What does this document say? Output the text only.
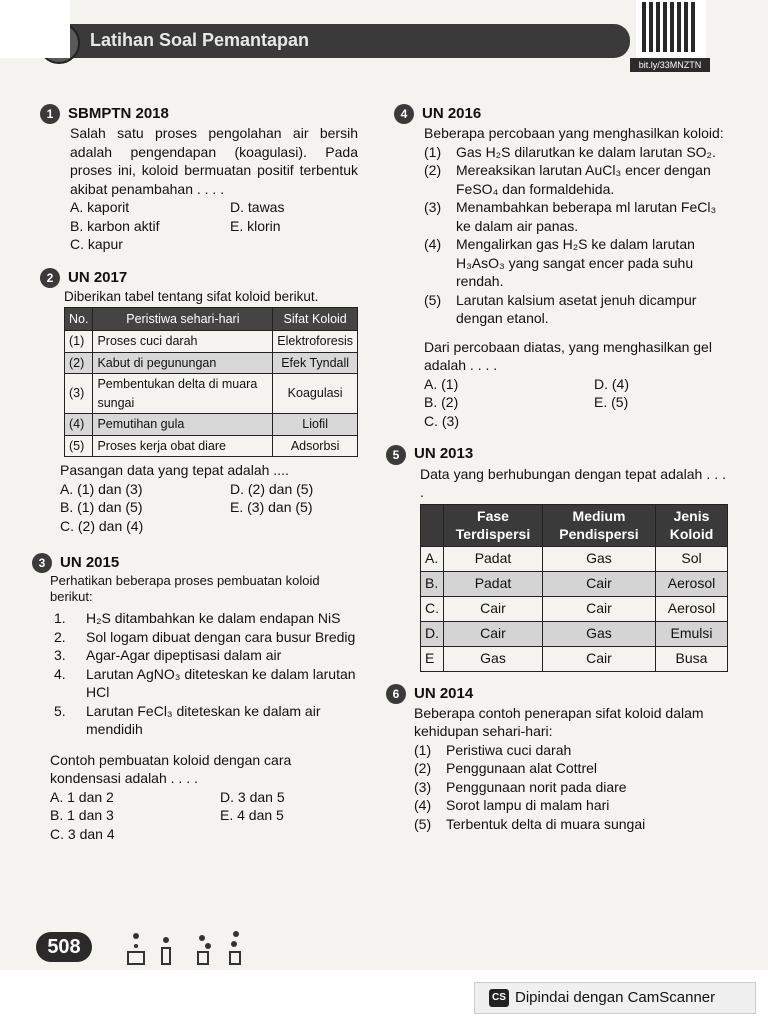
Latihan Soal Pemantapan
bit.ly/33MNZTN
1 SBMPTN 2018
Salah satu proses pengolahan air bersih adalah pengendapan (koagulasi). Pada proses ini, koloid bermuatan positif terbentuk akibat penambahan . . . .
A. kaporit	D. tawas
B. karbon aktif	E. klorin
C. kapur
2 UN 2017
Diberikan tabel tentang sifat koloid berikut.
No.	Peristiwa sehari-hari	Sifat Koloid
(1)	Proses cuci darah	Elektroforesis
(2)	Kabut di pegunungan	Efek Tyndall
(3)	Pembentukan delta di muara sungai	Koagulasi
(4)	Pemutihan gula	Liofil
(5)	Proses kerja obat diare	Adsorbsi
Pasangan data yang tepat adalah ....
A. (1) dan (3)	D. (2) dan (5)
B. (1) dan (5)	E. (3) dan (5)
C. (2) dan (4)
3 UN 2015
Perhatikan beberapa proses pembuatan koloid berikut:
1.	H₂S ditambahkan ke dalam endapan NiS
2.	Sol logam dibuat dengan cara busur Bredig
3.	Agar-Agar dipeptisasi dalam air
4.	Larutan AgNO₃ diteteskan ke dalam larutan HCl
5.	Larutan FeCl₃ diteteskan ke dalam air mendidih
Contoh pembuatan koloid dengan cara kondensasi adalah . . . .
A. 1 dan 2	D. 3 dan 5
B. 1 dan 3	E. 4 dan 5
C. 3 dan 4
4 UN 2016
Beberapa percobaan yang menghasilkan koloid:
(1)	Gas H₂S dilarutkan ke dalam larutan SO₂.
(2)	Mereaksikan larutan AuCl₃ encer dengan FeSO₄ dan formaldehida.
(3)	Menambahkan beberapa ml larutan FeCl₃ ke dalam air panas.
(4)	Mengalirkan gas H₂S ke dalam larutan H₃AsO₃ yang sangat encer pada suhu rendah.
(5)	Larutan kalsium asetat jenuh dicampur dengan etanol.
Dari percobaan diatas, yang menghasilkan gel adalah . . . .
A. (1)	D. (4)
B. (2)	E. (5)
C. (3)
5 UN 2013
Data yang berhubungan dengan tepat adalah . . . .
	Fase Terdispersi	Medium Pendispersi	Jenis Koloid
A.	Padat	Gas	Sol
B.	Padat	Cair	Aerosol
C.	Cair	Cair	Aerosol
D.	Cair	Gas	Emulsi
E	Gas	Cair	Busa
6 UN 2014
Beberapa contoh penerapan sifat koloid dalam kehidupan sehari-hari:
(1)	Peristiwa cuci darah
(2)	Penggunaan alat Cottrel
(3)	Penggunaan norit pada diare
(4)	Sorot lampu di malam hari
(5)	Terbentuk delta di muara sungai
508
CS Dipindai dengan CamScanner
